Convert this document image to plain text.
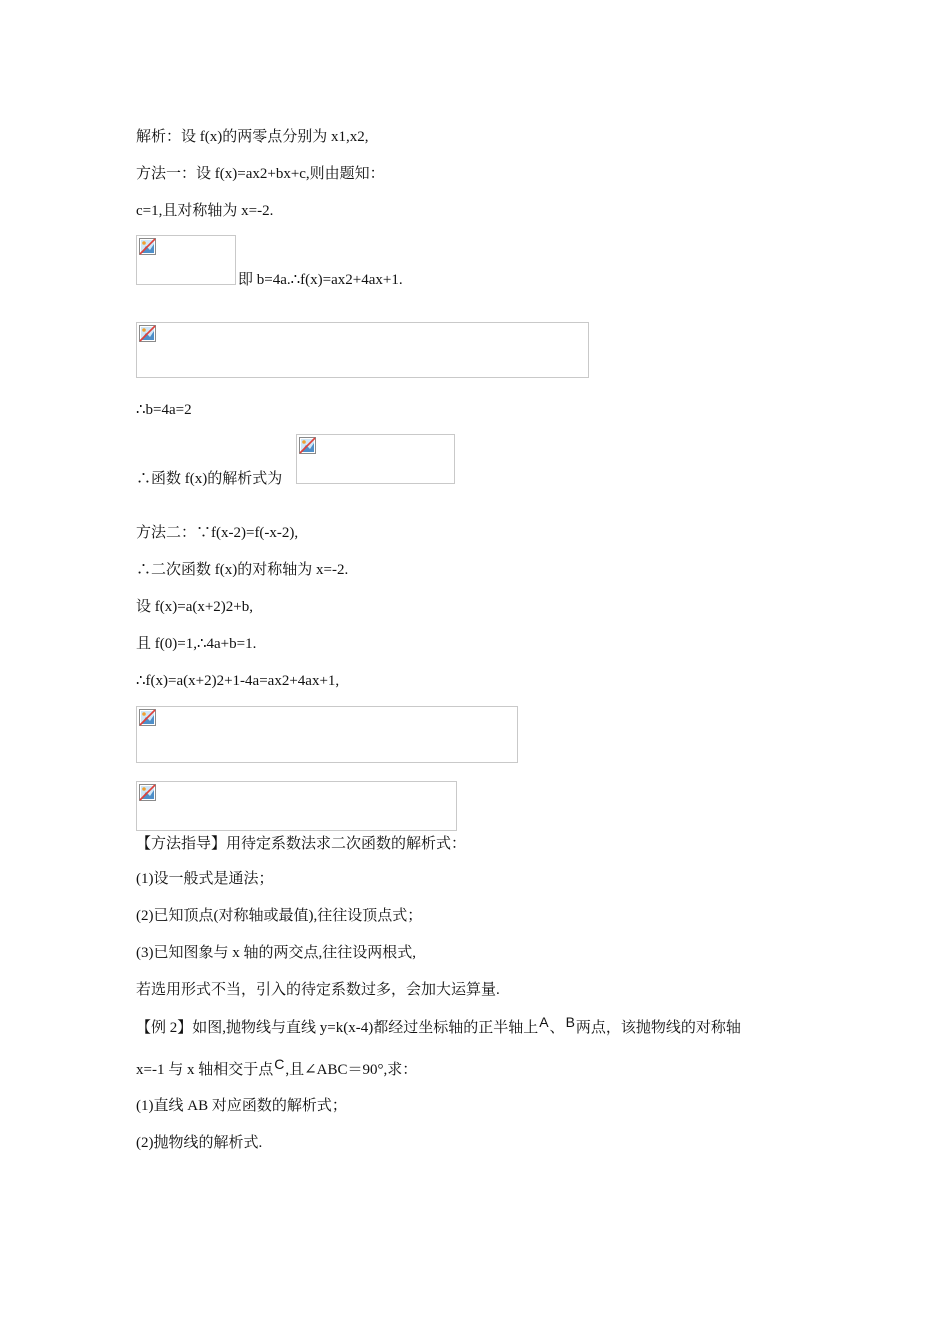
解析：设 f(x)的两零点分别为 x1,x2,
方法一：设 f(x)=ax2+bx+c,则由题知：
c=1,且对称轴为 x=-2.
即 b=4a.∴f(x)=ax2+4ax+1.
∴b=4a=2
∴函数 f(x)的解析式为
方法二：∵f(x-2)=f(-x-2),
∴二次函数 f(x)的对称轴为 x=-2.
设 f(x)=a(x+2)2+b,
且 f(0)=1,∴4a+b=1.
∴f(x)=a(x+2)2+1-4a=ax2+4ax+1,
【方法指导】用待定系数法求二次函数的解析式：
(1)设一般式是通法；
(2)已知顶点(对称轴或最值),往往设顶点式；
(3)已知图象与 x 轴的两交点,往往设两根式,
若选用形式不当，引入的待定系数过多，会加大运算量.
【例 2】如图,抛物线与直线 y=k(x-4)都经过坐标轴的正半轴上A、B两点，该抛物线的对称轴
x=-1 与 x 轴相交于点C,且∠ABC＝90°,求：
(1)直线 AB 对应函数的解析式；
(2)抛物线的解析式.
